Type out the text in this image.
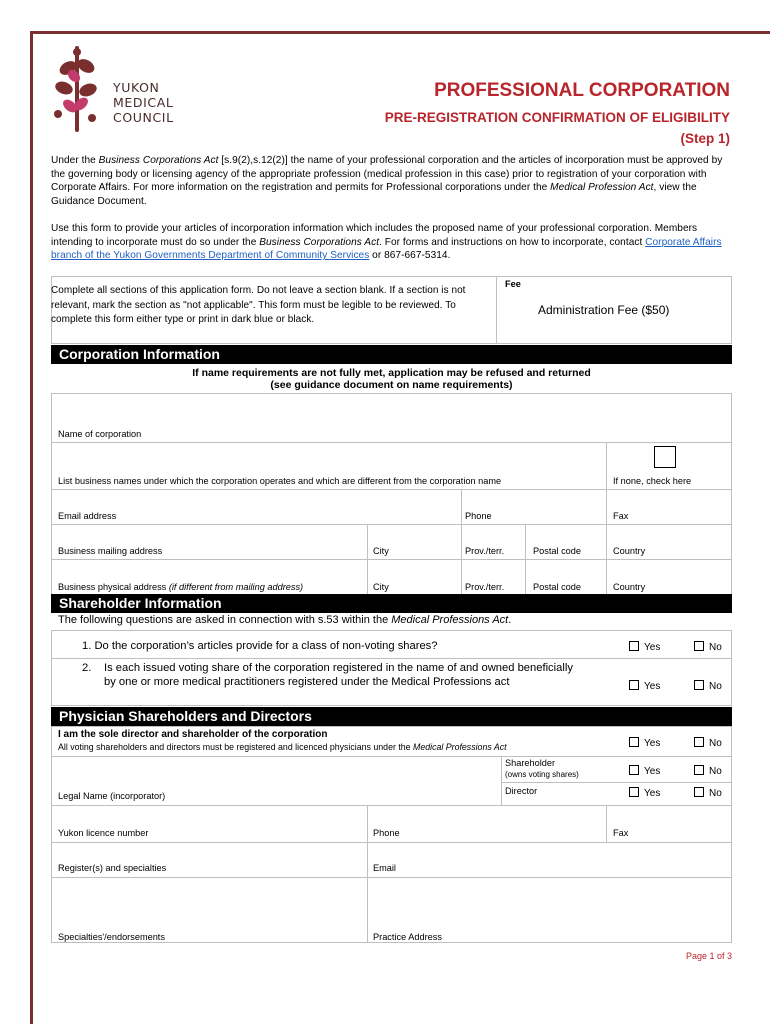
YUKON
MEDICAL
COUNCIL
PROFESSIONAL CORPORATION
PRE-REGISTRATION CONFIRMATION OF ELIGIBILITY
(Step 1)
Under the Business Corporations Act [s.9(2),s.12(2)] the name of your professional corporation and the articles of incorporation must be approved by the governing body or licensing agency of the appropriate profession (medical profession in this case) prior to registration of your corporation with Corporate Affairs. For more information on the registration and permits for Professional corporations under the Medical Profession Act, view the Guidance Document.
Use this form to provide your articles of incorporation information which includes the proposed name of your professional corporation. Members intending to incorporate must do so under the Business Corporations Act. For forms and instructions on how to incorporate, contact Corporate Affairs branch of the Yukon Governments Department of Community Services or 867-667-5314.
Complete all sections of this application form. Do not leave a section blank. If a section is not relevant, mark the section as "not applicable". This form must be legible to be reviewed. To complete this form either type or print in dark blue or black.
Fee
Administration Fee ($50)
Corporation Information
If name requirements are not fully met, application may be refused and returned
(see guidance document on name requirements)
Name of corporation
List business names under which the corporation operates and which are different from the corporation name	If none, check here
Email address	Phone	Fax
Business mailing address	City	Prov./terr.	Postal code	Country
Business physical address (if different from mailing address)	City	Prov./terr.	Postal code	Country
Shareholder Information
The following questions are asked in connection with s.53 within the Medical Professions Act.
1. Do the corporation’s articles provide for a class of non-voting shares?	Yes	No
2. Is each issued voting share of the corporation registered in the name of and owned beneficially by one or more medical practitioners registered under the Medical Professions act	Yes	No
Physician Shareholders and Directors
I am the sole director and shareholder of the corporation
All voting shareholders and directors must be registered and licenced physicians under the Medical Professions Act	Yes	No
Shareholder
(owns voting shares)	Yes	No
Director	Yes	No
Legal Name (incorporator)
Yukon licence number	Phone	Fax
Register(s) and specialties	Email
Specialties'/endorsements	Practice Address
Page 1 of 3
